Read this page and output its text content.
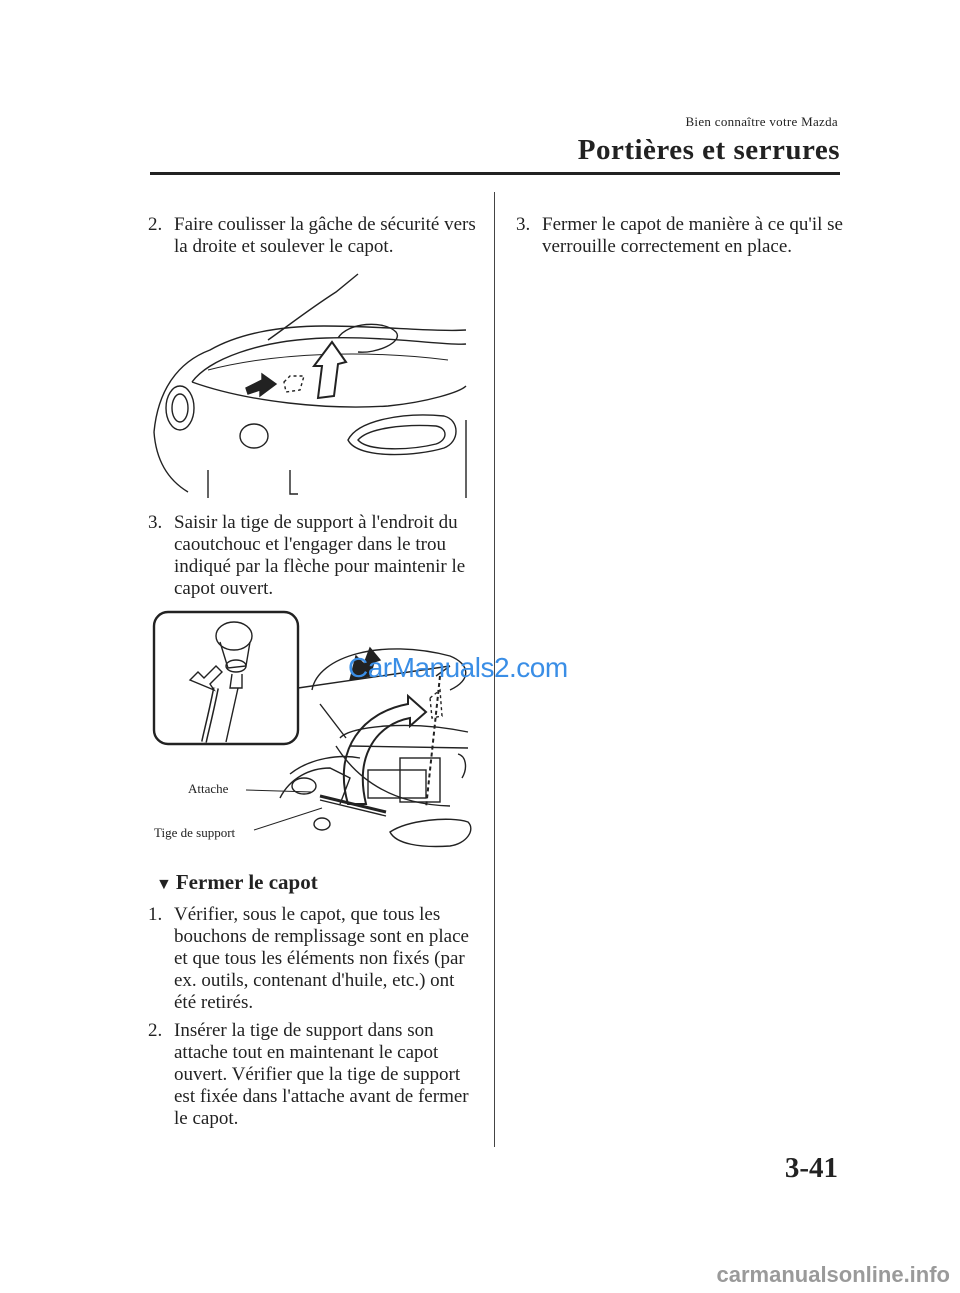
Bien connaître votre Mazda
Portières et serrures
2. Faire coulisser la gâche de sécurité vers
la droite et soulever le capot.
3. Saisir la tige de support à l'endroit du
caoutchouc et l'engager dans le trou
indiqué par la flèche pour maintenir le
capot ouvert.
Attache
Tige de support
▼ Fermer le capot
1. Vérifier, sous le capot, que tous les
bouchons de remplissage sont en place
et que tous les éléments non fixés (par
ex. outils, contenant d'huile, etc.) ont
été retirés.
2. Insérer la tige de support dans son
attache tout en maintenant le capot
ouvert. Vérifier que la tige de support
est fixée dans l'attache avant de fermer
le capot.
3. Fermer le capot de manière à ce qu'il se
verrouille correctement en place.
3-41
CarManuals2.com
carmanualsonline.info
